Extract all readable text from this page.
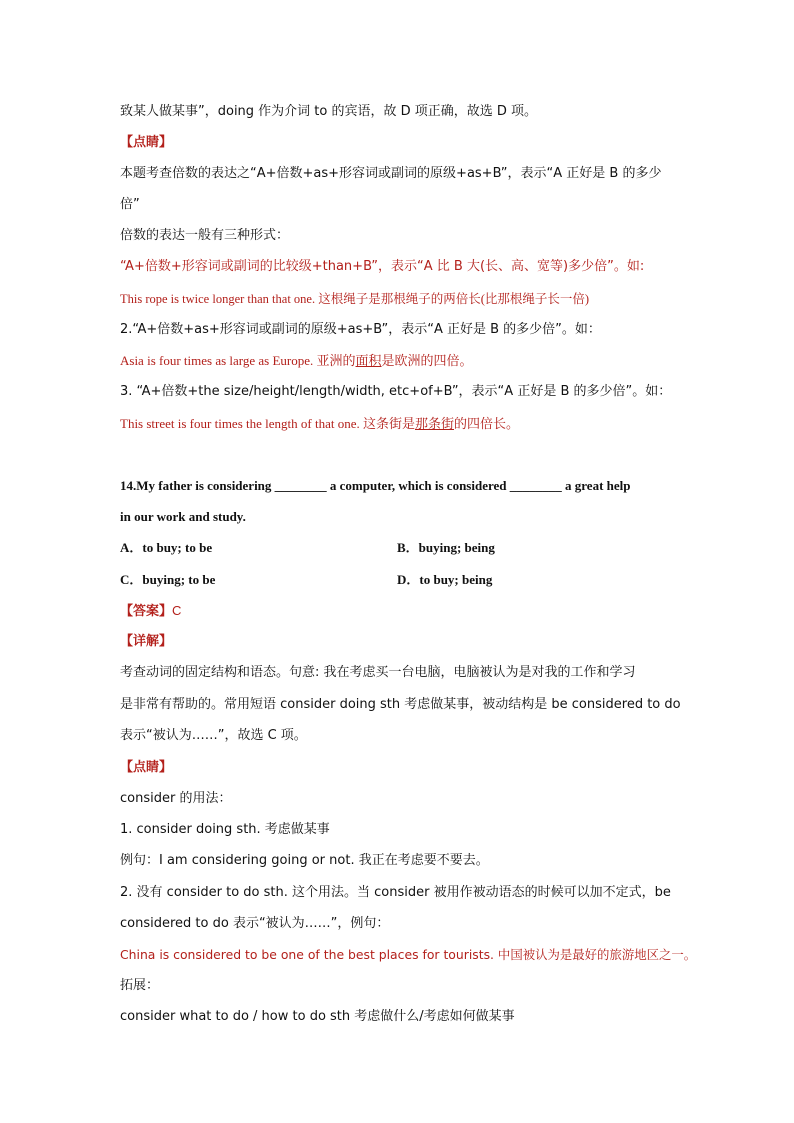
致某人做某事”，doing 作为介词 to 的宾语，故 D 项正确，故选 D 项。
【点睛】
本题考查倍数的表达之“A+倍数+as+形容词或副词的原级+as+B”，表示“A 正好是 B 的多少
倍”
倍数的表达一般有三种形式：
“A+倍数+形容词或副词的比较级+than+B”，表示“A 比 B 大(长、高、宽等)多少倍”。如:
This rope is twice longer than that one. 这根绳子是那根绳子的两倍长(比那根绳子长一倍)
2.“A+倍数+as+形容词或副词的原级+as+B”，表示“A 正好是 B 的多少倍”。如：
Asia is four times as large as Europe. 亚洲的面积是欧洲的四倍。
3. “A+倍数+the size/height/length/width, etc+of+B”，表示“A 正好是 B 的多少倍”。如：
This street is four times the length of that one. 这条街是那条街的四倍长。
14.My father is considering ________ a computer, which is considered ________ a great help
in our work and study.
A．to buy; to be	B．buying; being
C．buying; to be	D．to buy; being
【答案】C
【详解】
考查动词的固定结构和语态。句意: 我在考虑买一台电脑，电脑被认为是对我的工作和学习
是非常有帮助的。常用短语 consider doing sth 考虑做某事，被动结构是 be considered to do
表示“被认为……”，故选 C 项。
【点睛】
consider 的用法：
1. consider doing sth. 考虑做某事
例句：I am considering going or not. 我正在考虑要不要去。
2. 没有 consider to do sth. 这个用法。当 consider 被用作被动语态的时候可以加不定式，be
considered to do 表示“被认为……”，例句：
China is considered to be one of the best places for tourists. 中国被认为是最好的旅游地区之一。
拓展：
consider what to do / how to do sth 考虑做什么/考虑如何做某事
